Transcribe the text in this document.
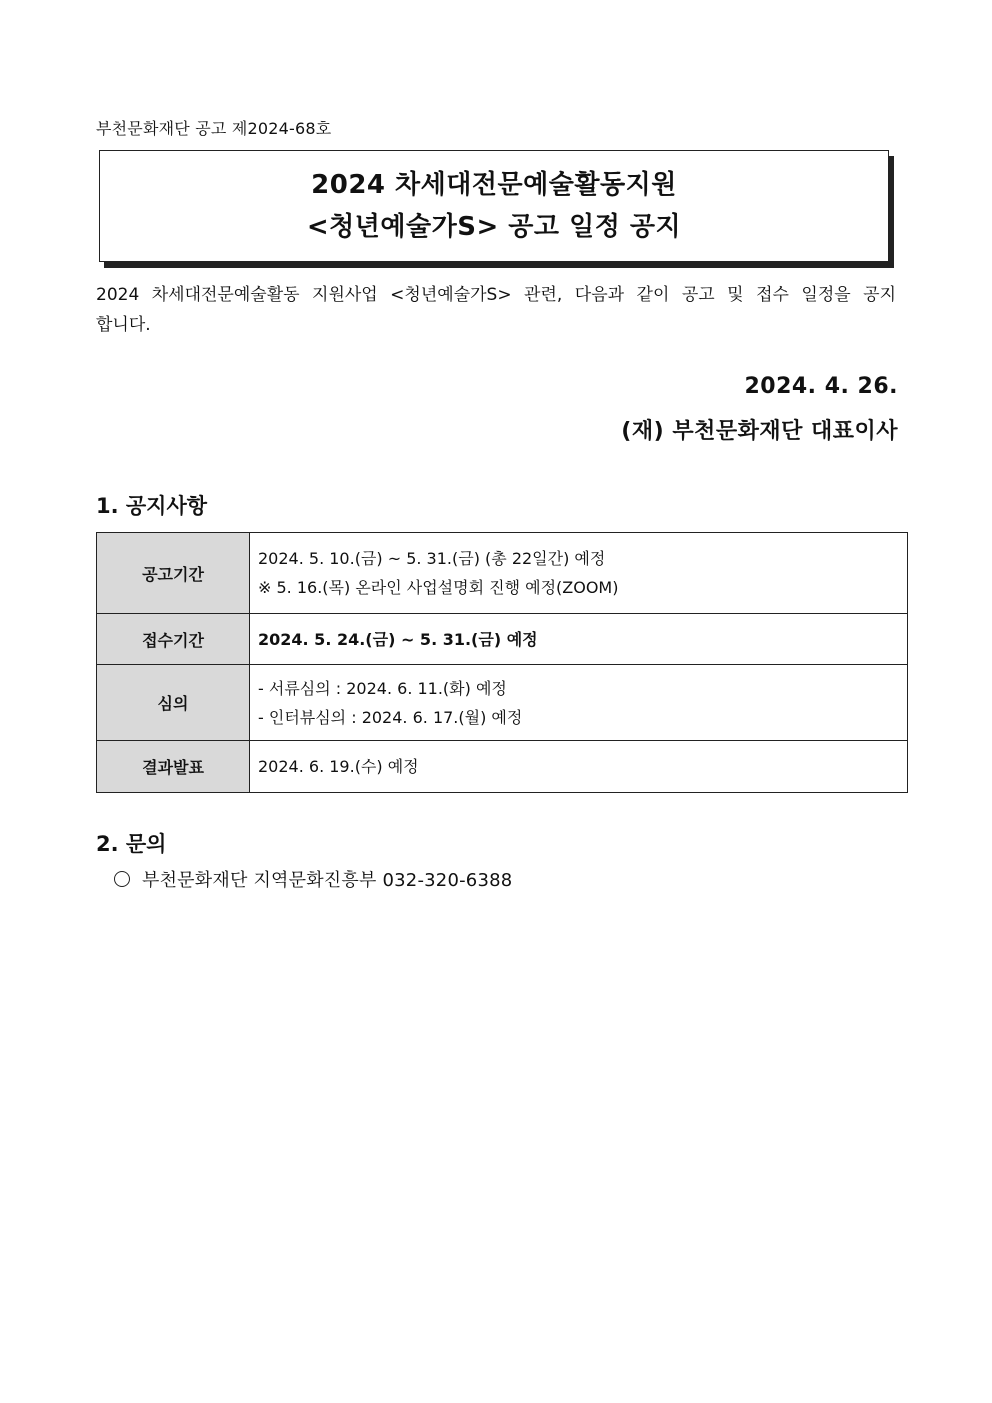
부천문화재단 공고 제2024-68호
2024 차세대전문예술활동지원
<청년예술가S> 공고 일정 공지
2024 차세대전문예술활동 지원사업 <청년예술가S> 관련, 다음과 같이 공고 및 접수 일정을 공지합니다.
2024. 4. 26.
(재) 부천문화재단 대표이사
1. 공지사항
공고기간	2024. 5. 10.(금) ~ 5. 31.(금) (총 22일간) 예정
※ 5. 16.(목) 온라인 사업설명회 진행 예정(ZOOM)

접수기간	2024. 5. 24.(금) ~ 5. 31.(금) 예정

심의	- 서류심의 : 2024. 6. 11.(화) 예정
- 인터뷰심의 : 2024. 6. 17.(월) 예정

결과발표	2024. 6. 19.(수) 예정
2. 문의
부천문화재단 지역문화진흥부 032-320-6388
